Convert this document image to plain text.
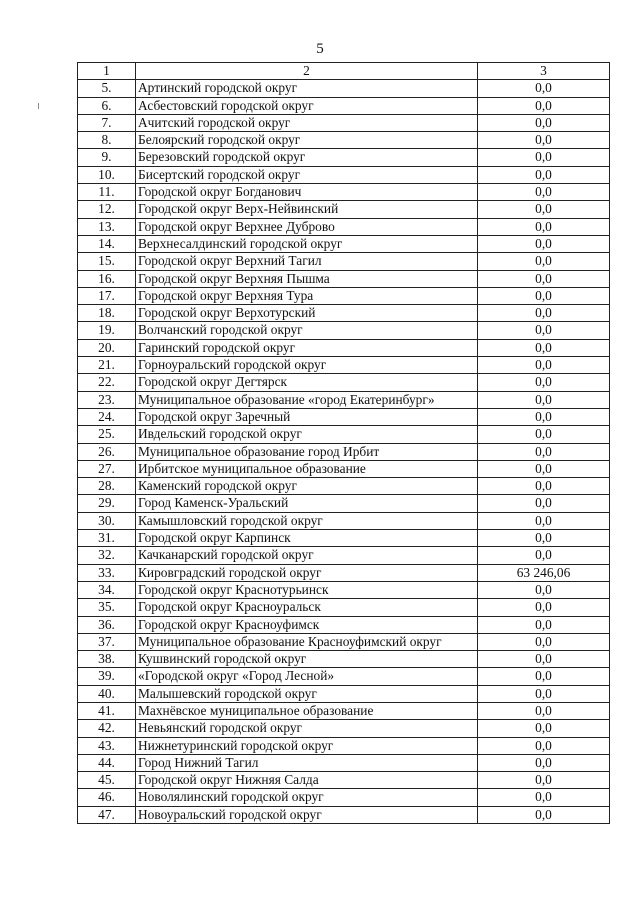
5
1	2	3
5.	Артинский городской округ	0,0
6.	Асбестовский городской округ	0,0
7.	Ачитский городской округ	0,0
8.	Белоярский городской округ	0,0
9.	Березовский городской округ	0,0
10.	Бисертский городской округ	0,0
11.	Городской округ Богданович	0,0
12.	Городской округ Верх-Нейвинский	0,0
13.	Городской округ Верхнее Дуброво	0,0
14.	Верхнесалдинский городской округ	0,0
15.	Городской округ Верхний Тагил	0,0
16.	Городской округ Верхняя Пышма	0,0
17.	Городской округ Верхняя Тура	0,0
18.	Городской округ Верхотурский	0,0
19.	Волчанский городской округ	0,0
20.	Гаринский городской округ	0,0
21.	Горноуральский городской округ	0,0
22.	Городской округ Дегтярск	0,0
23.	Муниципальное образование «город Екатеринбург»	0,0
24.	Городской округ Заречный	0,0
25.	Ивдельский городской округ	0,0
26.	Муниципальное образование город Ирбит	0,0
27.	Ирбитское муниципальное образование	0,0
28.	Каменский городской округ	0,0
29.	Город Каменск-Уральский	0,0
30.	Камышловский городской округ	0,0
31.	Городской округ Карпинск	0,0
32.	Качканарский городской округ	0,0
33.	Кировградский городской округ	63 246,06
34.	Городской округ Краснотурьинск	0,0
35.	Городской округ Красноуральск	0,0
36.	Городской округ Красноуфимск	0,0
37.	Муниципальное образование Красноуфимский округ	0,0
38.	Кушвинский городской округ	0,0
39.	«Городской округ «Город Лесной»	0,0
40.	Малышевский городской округ	0,0
41.	Махнёвское муниципальное образование	0,0
42.	Невьянский городской округ	0,0
43.	Нижнетуринский городской округ	0,0
44.	Город Нижний Тагил	0,0
45.	Городской округ Нижняя Салда	0,0
46.	Новолялинский городской округ	0,0
47.	Новоуральский городской округ	0,0
